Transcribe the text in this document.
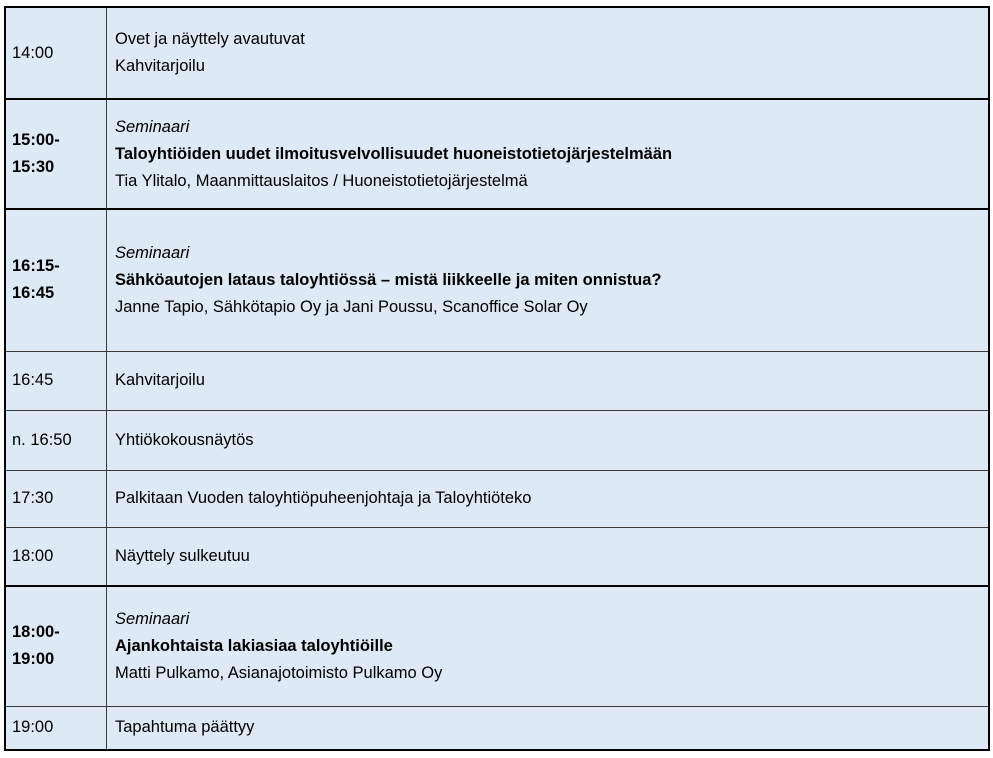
14:00	Ovet ja näyttely avautuvat
Kahvitarjoilu

15:00-
15:30	Seminaari
Taloyhtiöiden uudet ilmoitusvelvollisuudet huoneistotietojärjestelmään
Tia Ylitalo, Maanmittauslaitos / Huoneistotietojärjestelmä

16:15-
16:45	Seminaari
Sähköautojen lataus taloyhtiössä – mistä liikkeelle ja miten onnistua?
Janne Tapio, Sähkötapio Oy ja Jani Poussu, Scanoffice Solar Oy

16:45	Kahvitarjoilu
n. 16:50	Yhtiökokousnäytös
17:30	Palkitaan Vuoden taloyhtiöpuheenjohtaja ja Taloyhtiöteko
18:00	Näyttely sulkeutuu

18:00-
19:00	Seminaari
Ajankohtaista lakiasiaa taloyhtiöille
Matti Pulkamo, Asianajotoimisto Pulkamo Oy

19:00	Tapahtuma päättyy
